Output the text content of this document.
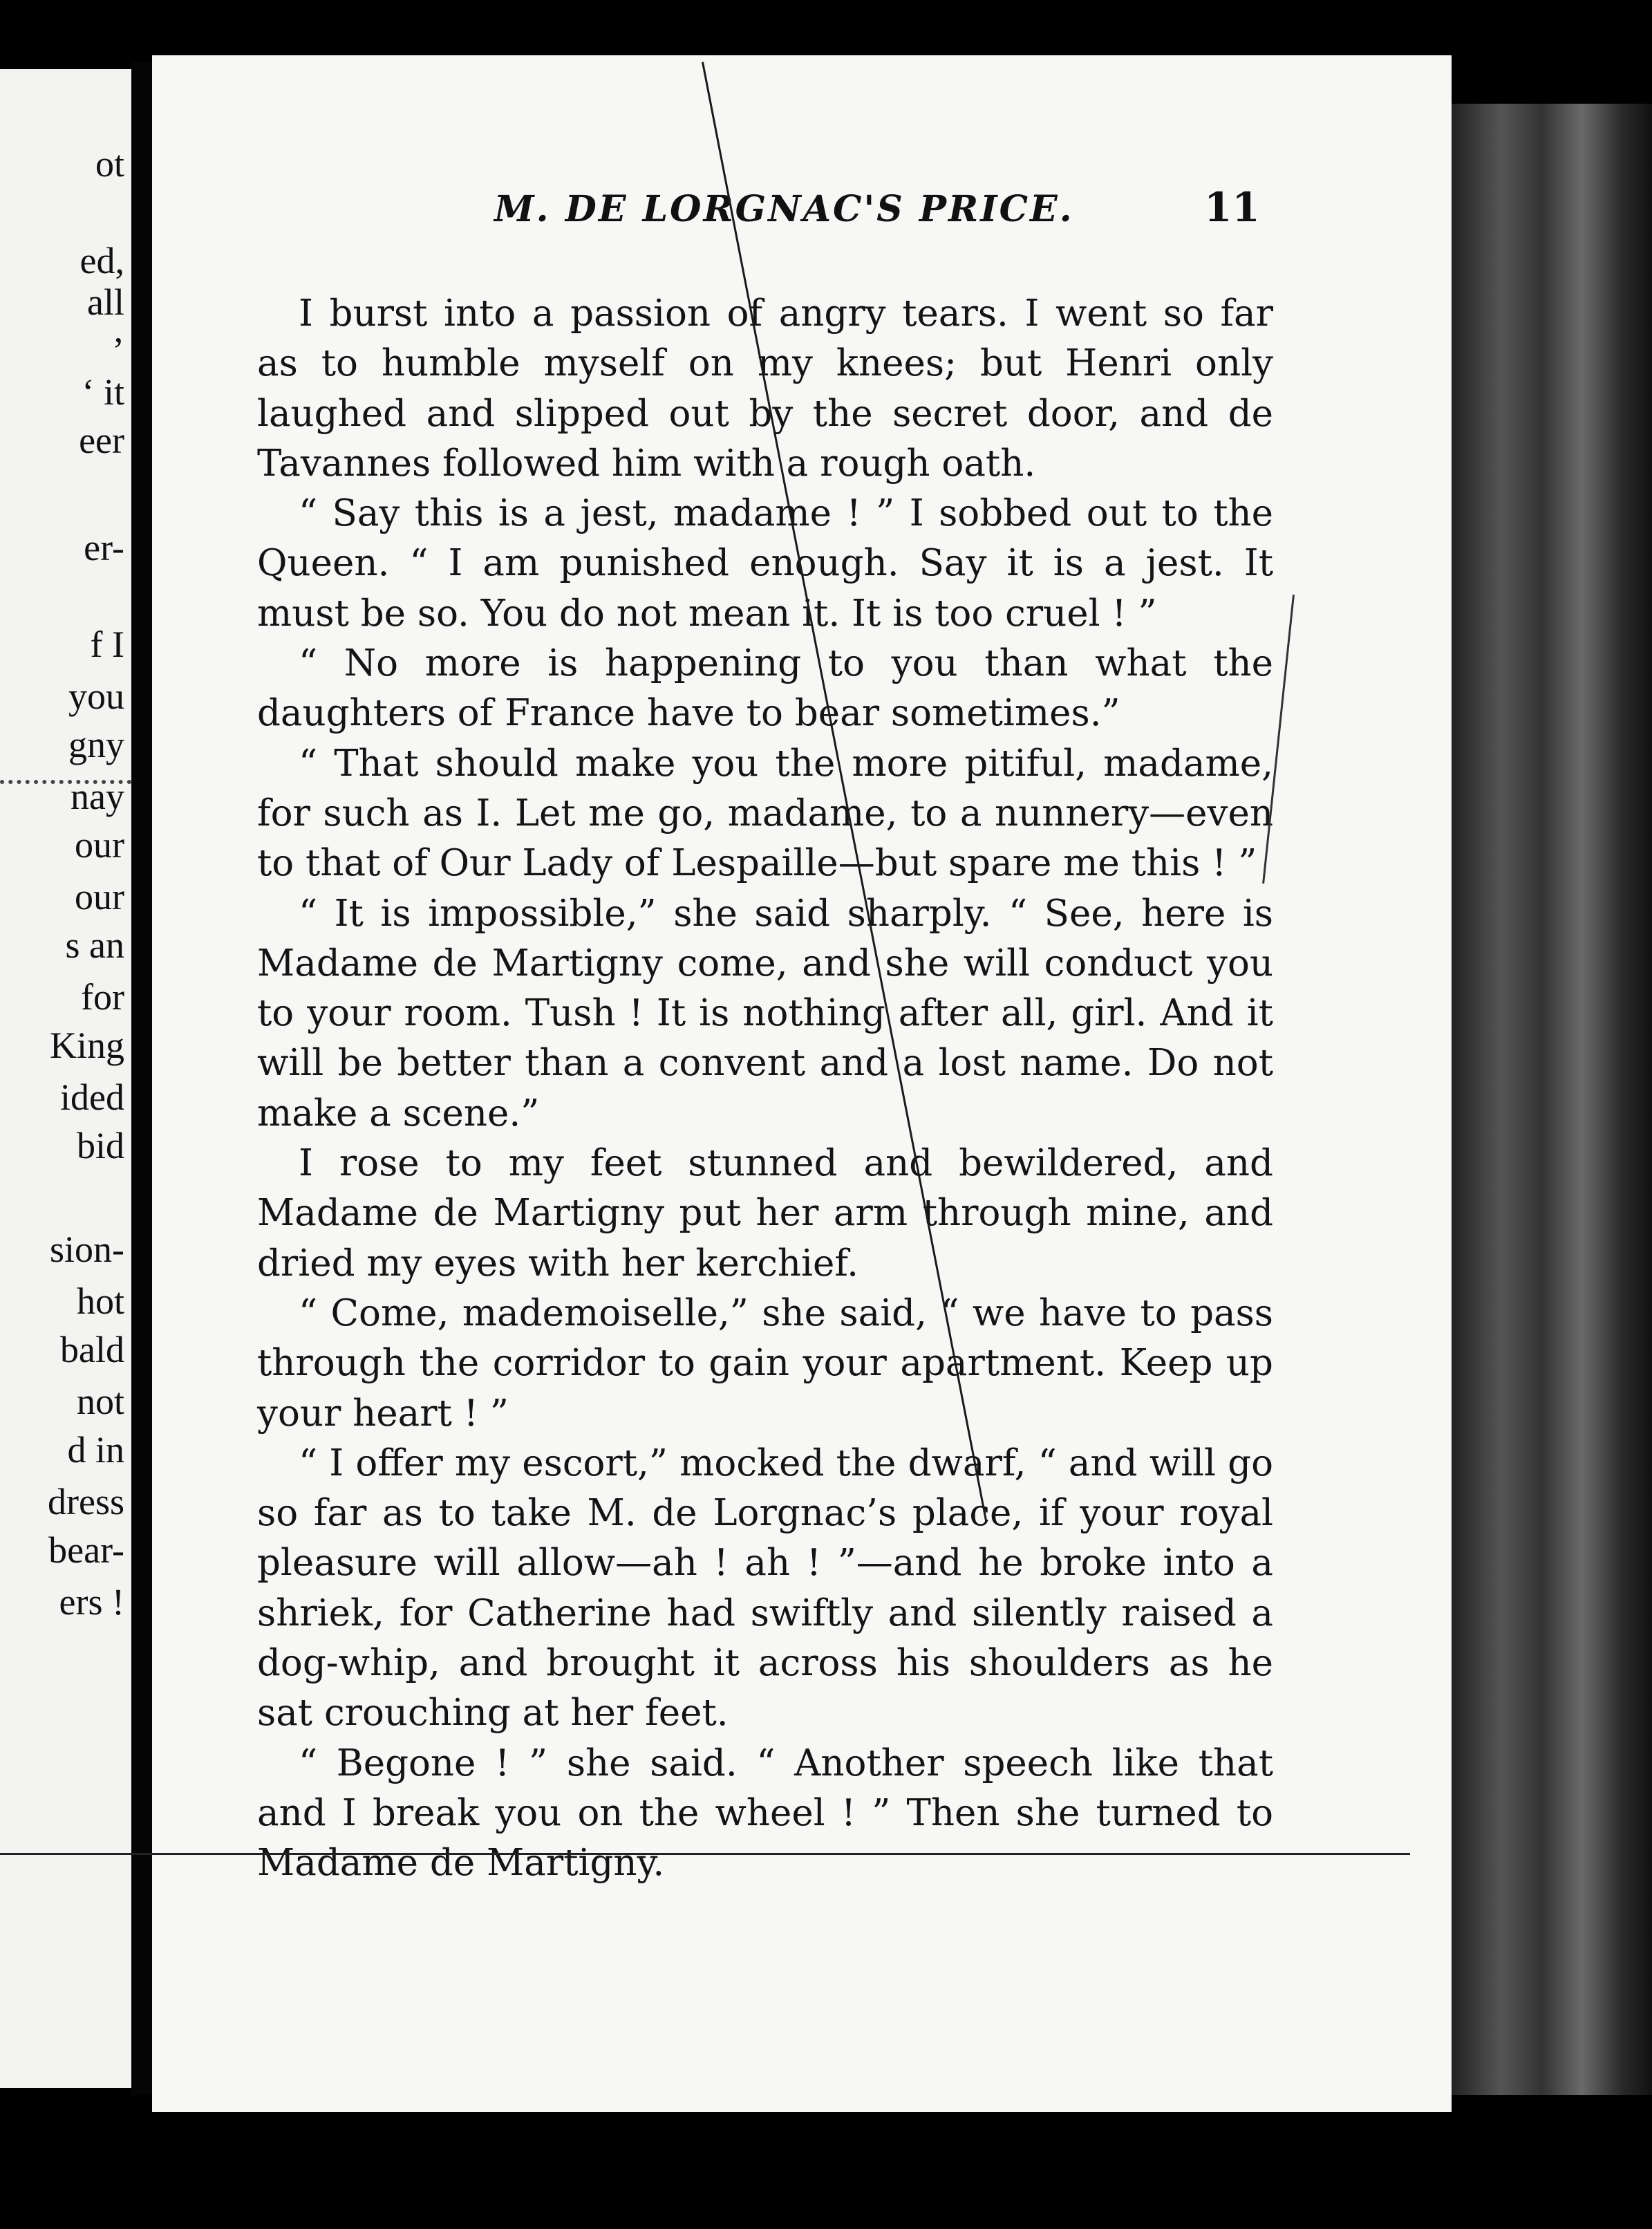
ot

ed,

all

’

‘ it

eer

er-

f I

you

gny

nay

our

our

s an

for

King

ided

bid

sion-

hot

bald

not

d in

dress

bear-

ers !

M. DE LORGNAC'S PRICE.	11

I burst into a passion of angry tears. I went so far as to humble myself on my knees; but Henri only laughed and slipped out by the secret door, and de Tavannes followed him with a rough oath.

“ Say this is a jest, madame ! ” I sobbed out to the Queen. “ I am punished enough. Say it is a jest. It must be so. You do not mean it. It is too cruel ! ”

“ No more is happening to you than what the daughters of France have to bear sometimes.”

“ That should make you the more pitiful, madame, for such as I. Let me go, madame, to a nunnery—even to that of Our Lady of Lespaille—but spare me this ! ”

“ It is impossible,” she said sharply. “ See, here is Madame de Martigny come, and she will conduct you to your room. Tush ! It is nothing after all, girl. And it will be better than a convent and a lost name. Do not make a scene.”

I rose to my feet stunned and bewildered, and Madame de Martigny put her arm through mine, and dried my eyes with her kerchief.

“ Come, mademoiselle,” she said, “ we have to pass through the corridor to gain your apartment. Keep up your heart ! ”

“ I offer my escort,” mocked the dwarf, “ and will go so far as to take M. de Lorgnac’s place, if your royal pleasure will allow—ah ! ah ! ”—and he broke into a shriek, for Catherine had swiftly and silently raised a dog-whip, and brought it across his shoulders as he sat crouching at her feet.

“ Begone ! ” she said. “ Another speech like that and I break you on the wheel ! ” Then she turned to Madame de Martigny.
